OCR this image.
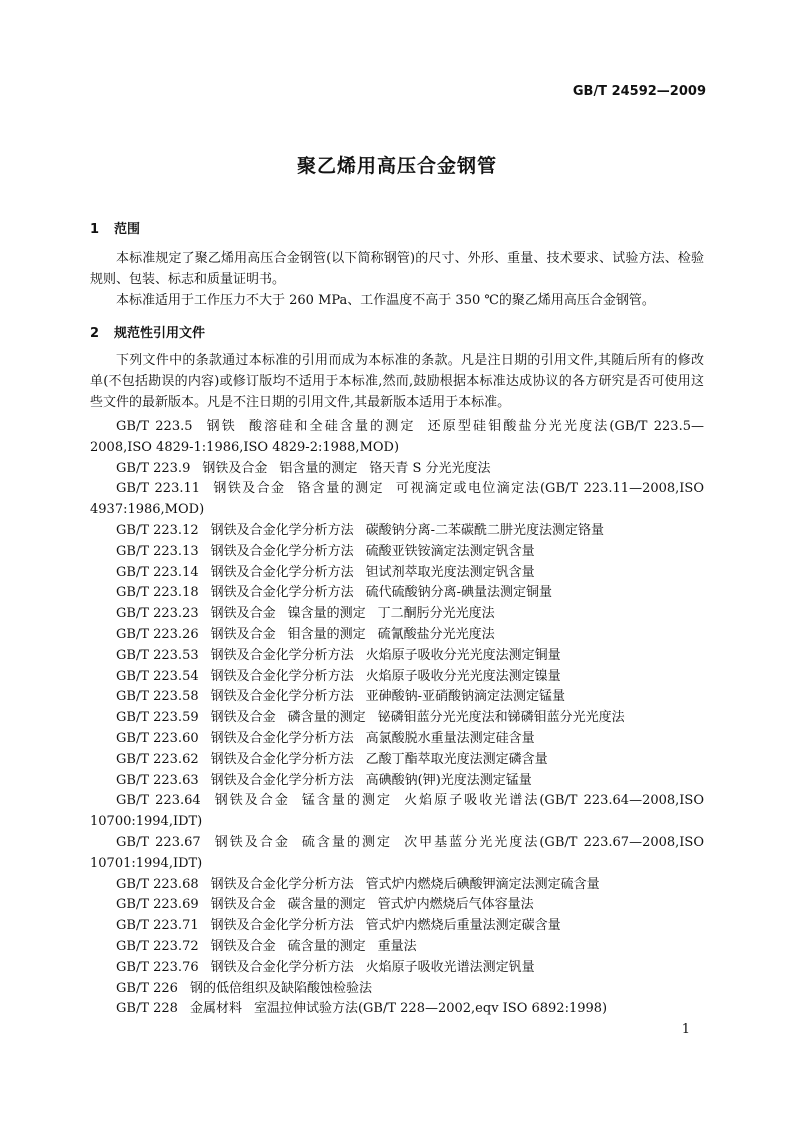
GB/T 24592—2009
聚乙烯用高压合金钢管
1 范围

本标准规定了聚乙烯用高压合金钢管(以下简称钢管)的尺寸、外形、重量、技术要求、试验方法、检验规则、包装、标志和质量证明书。

本标准适用于工作压力不大于 260 MPa、工作温度不高于 350 ℃的聚乙烯用高压合金钢管。

2 规范性引用文件

下列文件中的条款通过本标准的引用而成为本标准的条款。凡是注日期的引用文件,其随后所有的修改单(不包括勘误的内容)或修订版均不适用于本标准,然而,鼓励根据本标准达成协议的各方研究是否可使用这些文件的最新版本。凡是不注日期的引用文件,其最新版本适用于本标准。

GB/T 223.5 钢铁 酸溶硅和全硅含量的测定 还原型硅钼酸盐分光光度法(GB/T 223.5—2008,ISO 4829-1:1986,ISO 4829-2:1988,MOD)
GB/T 223.9 钢铁及合金 铝含量的测定 铬天青 S 分光光度法
GB/T 223.11 钢铁及合金 铬含量的测定 可视滴定或电位滴定法(GB/T 223.11—2008,ISO 4937:1986,MOD)
GB/T 223.12 钢铁及合金化学分析方法 碳酸钠分离-二苯碳酰二肼光度法测定铬量
GB/T 223.13 钢铁及合金化学分析方法 硫酸亚铁铵滴定法测定钒含量
GB/T 223.14 钢铁及合金化学分析方法 钽试剂萃取光度法测定钒含量
GB/T 223.18 钢铁及合金化学分析方法 硫代硫酸钠分离-碘量法测定铜量
GB/T 223.23 钢铁及合金 镍含量的测定 丁二酮肟分光光度法
GB/T 223.26 钢铁及合金 钼含量的测定 硫氰酸盐分光光度法
GB/T 223.53 钢铁及合金化学分析方法 火焰原子吸收分光光度法测定铜量
GB/T 223.54 钢铁及合金化学分析方法 火焰原子吸收分光光度法测定镍量
GB/T 223.58 钢铁及合金化学分析方法 亚砷酸钠-亚硝酸钠滴定法测定锰量
GB/T 223.59 钢铁及合金 磷含量的测定 铋磷钼蓝分光光度法和锑磷钼蓝分光光度法
GB/T 223.60 钢铁及合金化学分析方法 高氯酸脱水重量法测定硅含量
GB/T 223.62 钢铁及合金化学分析方法 乙酸丁酯萃取光度法测定磷含量
GB/T 223.63 钢铁及合金化学分析方法 高碘酸钠(钾)光度法测定锰量
GB/T 223.64 钢铁及合金 锰含量的测定 火焰原子吸收光谱法(GB/T 223.64—2008,ISO 10700:1994,IDT)
GB/T 223.67 钢铁及合金 硫含量的测定 次甲基蓝分光光度法(GB/T 223.67—2008,ISO 10701:1994,IDT)
GB/T 223.68 钢铁及合金化学分析方法 管式炉内燃烧后碘酸钾滴定法测定硫含量
GB/T 223.69 钢铁及合金 碳含量的测定 管式炉内燃烧后气体容量法
GB/T 223.71 钢铁及合金化学分析方法 管式炉内燃烧后重量法测定碳含量
GB/T 223.72 钢铁及合金 硫含量的测定 重量法
GB/T 223.76 钢铁及合金化学分析方法 火焰原子吸收光谱法测定钒量
GB/T 226 钢的低倍组织及缺陷酸蚀检验法
GB/T 228 金属材料 室温拉伸试验方法(GB/T 228—2002,eqv ISO 6892:1998)
1
